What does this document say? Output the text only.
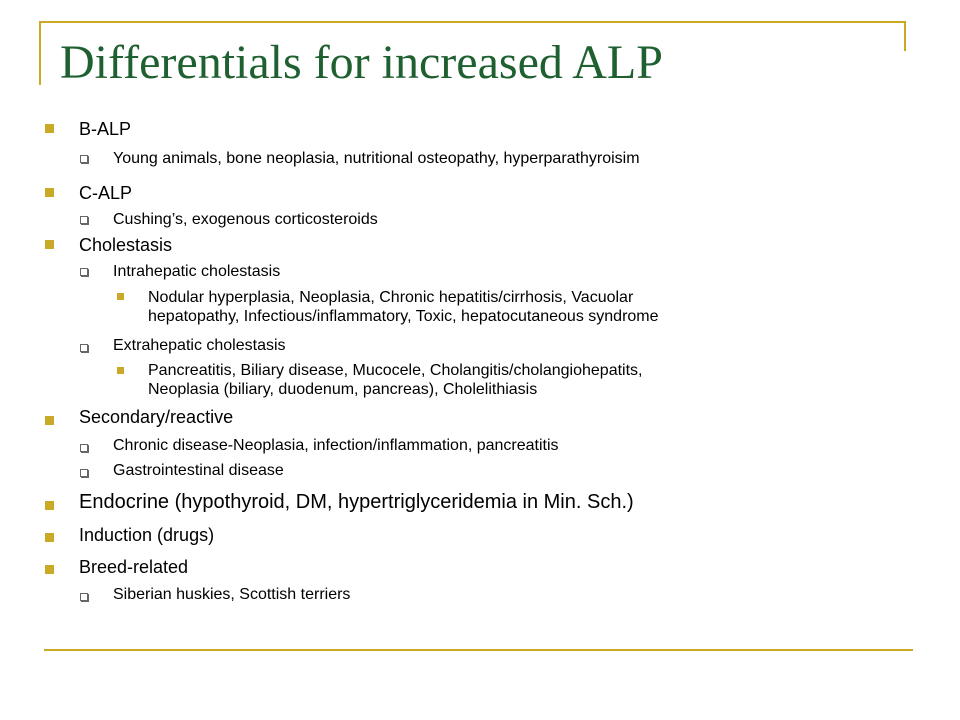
Differentials for increased ALP
B-ALP
Young animals, bone neoplasia, nutritional osteopathy, hyperparathyroisim
C-ALP
Cushing’s, exogenous corticosteroids
Cholestasis
Intrahepatic cholestasis
Nodular hyperplasia, Neoplasia, Chronic hepatitis/cirrhosis, Vacuolar
hepatopathy, Infectious/inflammatory, Toxic, hepatocutaneous syndrome
Extrahepatic cholestasis
Pancreatitis, Biliary disease, Mucocele, Cholangitis/cholangiohepatits,
Neoplasia (biliary, duodenum, pancreas), Cholelithiasis
Secondary/reactive
Chronic disease-Neoplasia, infection/inflammation, pancreatitis
Gastrointestinal disease
Endocrine (hypothyroid, DM, hypertriglyceridemia in Min. Sch.)
Induction (drugs)
Breed-related
Siberian huskies, Scottish terriers
